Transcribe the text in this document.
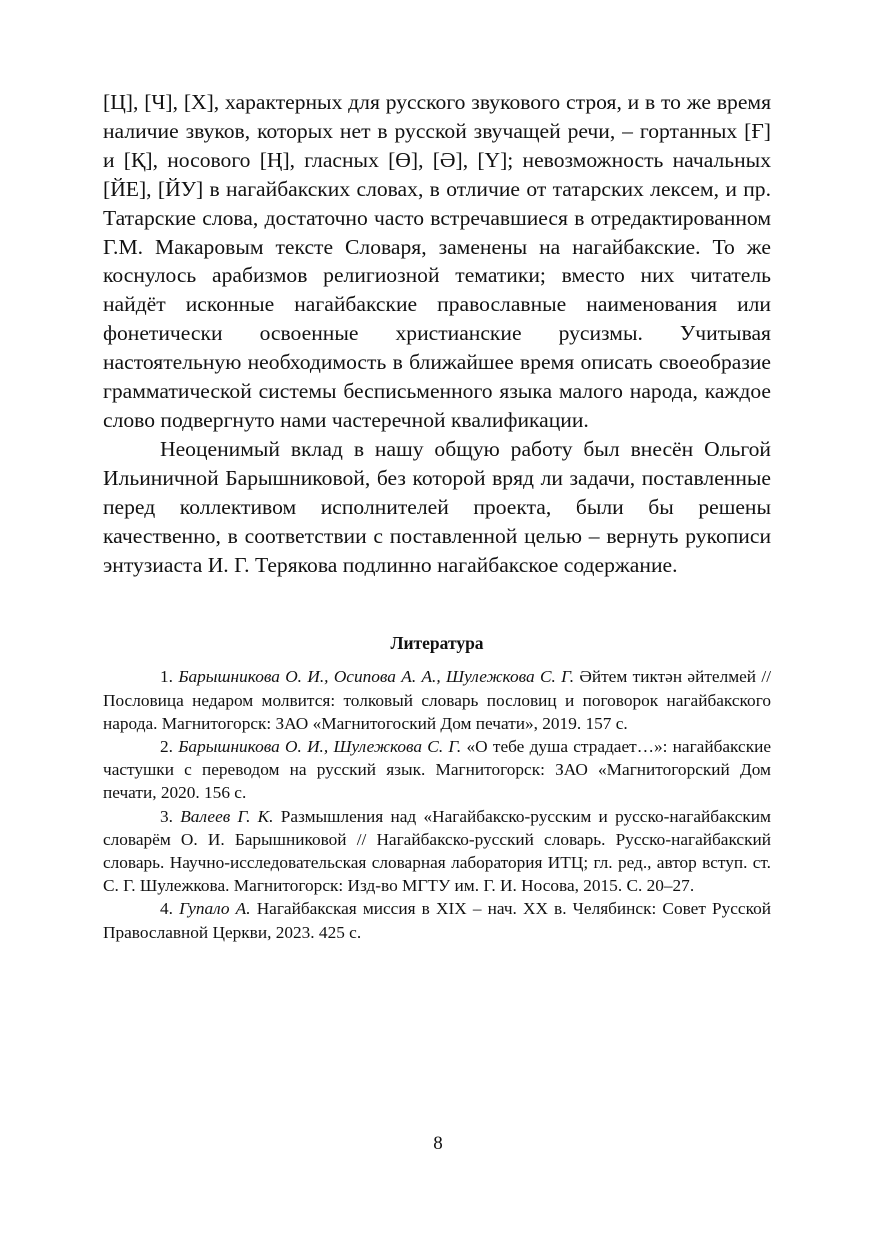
[Ц], [Ч], [Х], характерных для русского звукового строя, и в то же время наличие звуков, которых нет в русской звучащей речи, – гортанных [Ғ] и [Қ], носового [Ң], гласных [Ө], [Ә], [Ү]; невозможность начальных [ЙЕ], [ЙУ] в нагайбакских словах, в отличие от татарских лексем, и пр. Татарские слова, достаточно часто встречавшиеся в отредактированном Г.М. Макаровым тексте Словаря, заменены на нагайбакские. То же коснулось арабизмов религиозной тематики; вместо них читатель найдёт исконные нагайбакские православные наименования или фонетически освоенные христианские русизмы. Учитывая настоятельную необходимость в ближайшее время описать своеобразие грамматической системы бесписьменного языка малого народа, каждое слово подвергнуто нами частеречной квалификации.

Неоценимый вклад в нашу общую работу был внесён Ольгой Ильиничной Барышниковой, без которой вряд ли задачи, поставленные перед коллективом исполнителей проекта, были бы решены качественно, в соответствии с поставленной целью – вернуть рукописи энтузиаста И. Г. Терякова подлинно нагайбакское содержание.

Литература

1. Барышникова О. И., Осипова А. А., Шулежкова С. Г. Әйтем тиктән әйтелмей // Пословица недаром молвится: толковый словарь пословиц и поговорок нагайбакского народа. Магнитогорск: ЗАО «Магнитогоский Дом печати», 2019. 157 с.

2. Барышникова О. И., Шулежкова С. Г. «О тебе душа страдает…»: нагайбакские частушки с переводом на русский язык. Магнитогорск: ЗАО «Магнитогорский Дом печати, 2020. 156 с.

3. Валеев Г. К. Размышления над «Нагайбакско-русским и русско-нагайбакским словарём О. И. Барышниковой // Нагайбакско-русский словарь. Русско-нагайбакский словарь. Научно-исследовательская словарная лаборатория ИТЦ; гл. ред., автор вступ. ст. С. Г. Шулежкова. Магнитогорск: Изд-во МГТУ им. Г. И. Носова, 2015. С. 20–27.

4. Гупало А. Нагайбакская миссия в XIX – нач. XX в. Челябинск: Совет Русской Православной Церкви, 2023. 425 с.

8
